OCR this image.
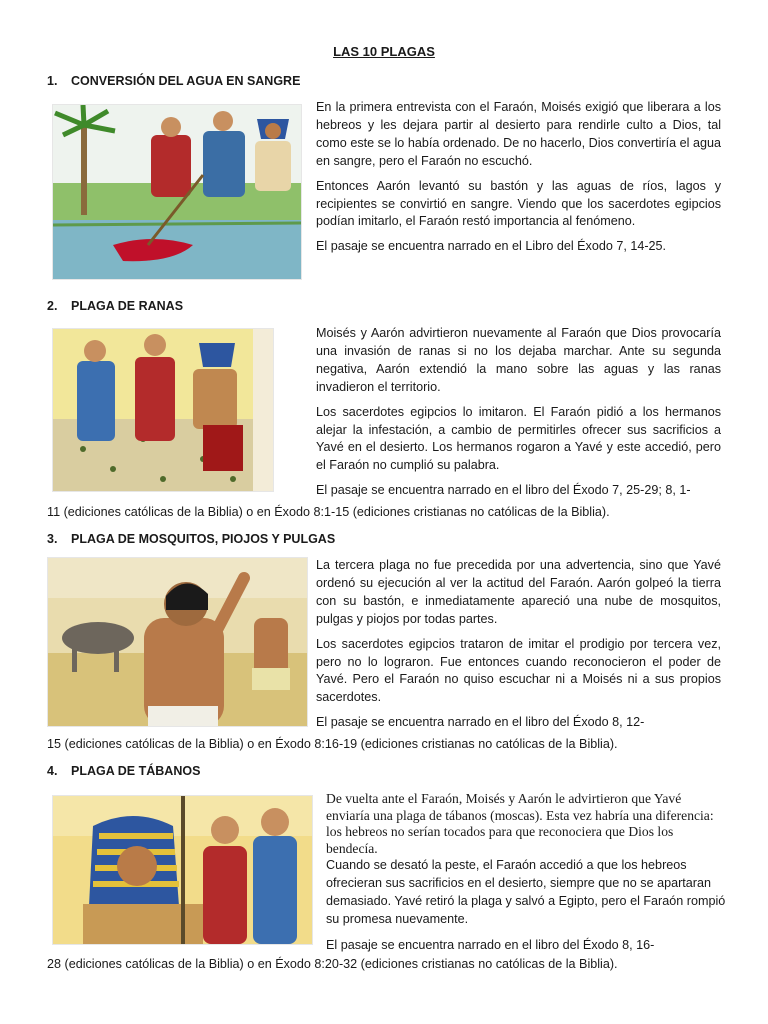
LAS 10 PLAGAS
1. CONVERSIÓN DEL AGUA EN SANGRE

En la primera entrevista con el Faraón, Moisés exigió que liberara a los hebreos y les dejara partir al desierto para rendirle culto a Dios, tal como este se lo había ordenado. De no hacerlo, Dios convertiría el agua en sangre, pero el Faraón no escuchó.

Entonces Aarón levantó su bastón y las aguas de ríos, lagos y recipientes se convirtió en sangre. Viendo que los sacerdotes egipcios podían imitarlo, el Faraón restó importancia al fenómeno.

El pasaje se encuentra narrado en el Libro del Éxodo 7, 14-25.

2. PLAGA DE RANAS

Moisés y Aarón advirtieron nuevamente al Faraón que Dios provocaría una invasión de ranas si no los dejaba marchar. Ante su segunda negativa, Aarón extendió la mano sobre las aguas y las ranas invadieron el territorio.

Los sacerdotes egipcios lo imitaron. El Faraón pidió a los hermanos alejar la infestación, a cambio de permitirles ofrecer sus sacrificios a Yavé en el desierto. Los hermanos rogaron a Yavé y este accedió, pero el Faraón no cumplió su palabra.

El pasaje se encuentra narrado en el libro del Éxodo 7, 25-29; 8, 1-

11 (ediciones católicas de la Biblia) o en Éxodo 8:1-15 (ediciones cristianas no católicas de la Biblia).
3. PLAGA DE MOSQUITOS, PIOJOS Y PULGAS

La tercera plaga no fue precedida por una advertencia, sino que Yavé ordenó su ejecución al ver la actitud del Faraón. Aarón golpeó la tierra con su bastón, e inmediatamente apareció una nube de mosquitos, pulgas y piojos por todas partes.

Los sacerdotes egipcios trataron de imitar el prodigio por tercera vez, pero no lo lograron. Fue entonces cuando reconocieron el poder de Yavé. Pero el Faraón no quiso escuchar ni a Moisés ni a sus propios sacerdotes.

El pasaje se encuentra narrado en el libro del Éxodo 8, 12-

15 (ediciones católicas de la Biblia) o en Éxodo 8:16-19 (ediciones cristianas no católicas de la Biblia).
4. PLAGA DE TÁBANOS
De vuelta ante el Faraón, Moisés y Aarón le advirtieron que Yavé enviaría una plaga de tábanos (moscas). Esta vez habría una diferencia: los hebreos no serían tocados para que reconociera que Dios los bendecía.

Cuando se desató la peste, el Faraón accedió a que los hebreos ofrecieran sus sacrificios en el desierto, siempre que no se apartaran demasiado. Yavé retiró la plaga y salvó a Egipto, pero el Faraón rompió su promesa nuevamente.

El pasaje se encuentra narrado en el libro del Éxodo 8, 16-
28 (ediciones católicas de la Biblia) o en Éxodo 8:20-32 (ediciones cristianas no católicas de la Biblia).
